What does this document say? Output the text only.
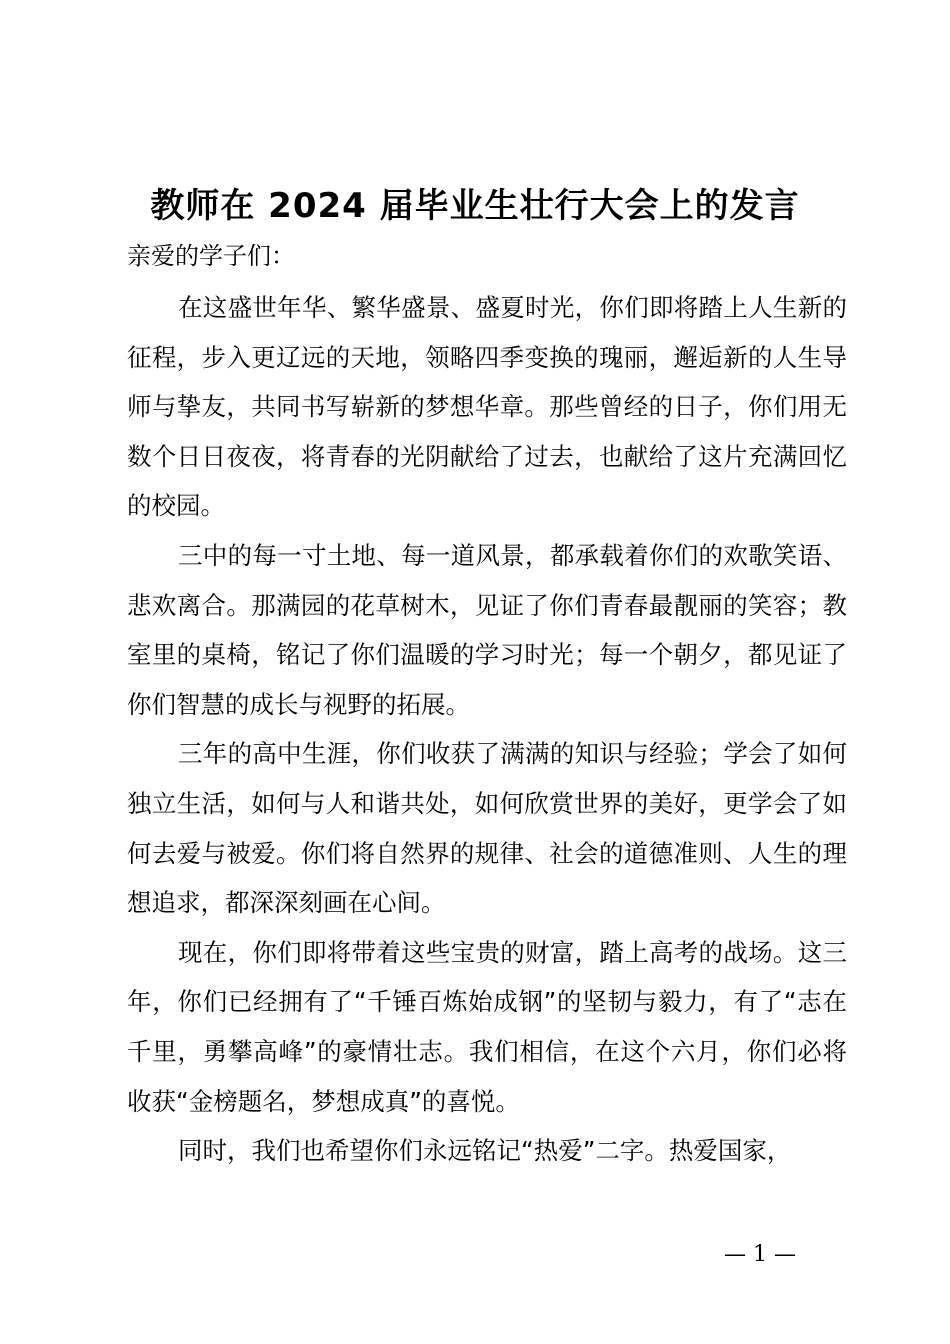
教师在 2024 届毕业生壮行大会上的发言
亲爱的学子们：

在这盛世年华、繁华盛景、盛夏时光，你们即将踏上人生新的征程，步入更辽远的天地，领略四季变换的瑰丽，邂逅新的人生导师与挚友，共同书写崭新的梦想华章。那些曾经的日子，你们用无数个日日夜夜，将青春的光阴献给了过去，也献给了这片充满回忆的校园。

三中的每一寸土地、每一道风景，都承载着你们的欢歌笑语、悲欢离合。那满园的花草树木，见证了你们青春最靓丽的笑容；教室里的桌椅，铭记了你们温暖的学习时光；每一个朝夕，都见证了你们智慧的成长与视野的拓展。

三年的高中生涯，你们收获了满满的知识与经验；学会了如何独立生活，如何与人和谐共处，如何欣赏世界的美好，更学会了如何去爱与被爱。你们将自然界的规律、社会的道德准则、人生的理想追求，都深深刻画在心间。

现在，你们即将带着这些宝贵的财富，踏上高考的战场。这三年，你们已经拥有了“千锤百炼始成钢”的坚韧与毅力，有了“志在千里，勇攀高峰”的豪情壮志。我们相信，在这个六月，你们必将收获“金榜题名，梦想成真”的喜悦。

同时，我们也希望你们永远铭记“热爱”二字。热爱国家，

— 1 —
